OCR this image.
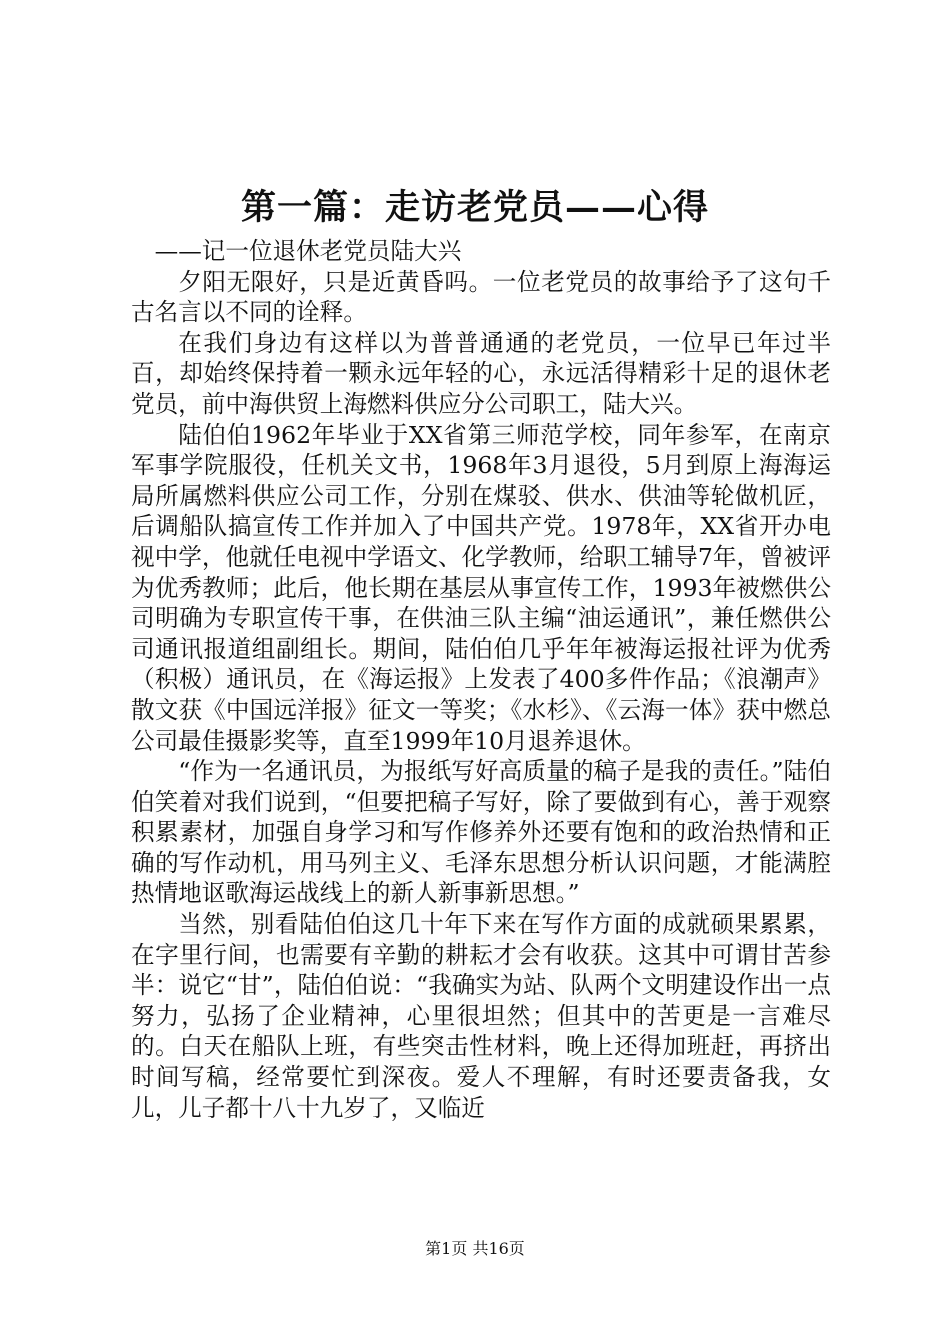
第一篇：走访老党员——心得

——记一位退休老党员陆大兴

夕阳无限好，只是近黄昏吗。一位老党员的故事给予了这句千古名言以不同的诠释。

在我们身边有这样以为普普通通的老党员，一位早已年过半百，却始终保持着一颗永远年轻的心，永远活得精彩十足的退休老党员，前中海供贸上海燃料供应分公司职工，陆大兴。

陆伯伯1962年毕业于XX省第三师范学校，同年参军，在南京军事学院服役，任机关文书，1968年3月退役，5月到原上海海运局所属燃料供应公司工作，分别在煤驳、供水、供油等轮做机匠，后调船队搞宣传工作并加入了中国共产党。1978年，XX省开办电视中学，他就任电视中学语文、化学教师，给职工辅导7年，曾被评为优秀教师；此后，他长期在基层从事宣传工作，1993年被燃供公司明确为专职宣传干事，在供油三队主编“油运通讯”，兼任燃供公司通讯报道组副组长。期间，陆伯伯几乎年年被海运报社评为优秀（积极）通讯员，在《海运报》上发表了400多件作品；《浪潮声》散文获《中国远洋报》征文一等奖；《水杉》、《云海一体》获中燃总公司最佳摄影奖等，直至1999年10月退养退休。

“作为一名通讯员，为报纸写好高质量的稿子是我的责任。”陆伯伯笑着对我们说到，“但要把稿子写好，除了要做到有心，善于观察积累素材，加强自身学习和写作修养外还要有饱和的政治热情和正确的写作动机，用马列主义、毛泽东思想分析认识问题，才能满腔热情地讴歌海运战线上的新人新事新思想。”

当然，别看陆伯伯这几十年下来在写作方面的成就硕果累累，在字里行间，也需要有辛勤的耕耘才会有收获。这其中可谓甘苦参半：说它“甘”，陆伯伯说：“我确实为站、队两个文明建设作出一点努力，弘扬了企业精神，心里很坦然；但其中的苦更是一言难尽的。白天在船队上班，有些突击性材料，晚上还得加班赶，再挤出时间写稿，经常要忙到深夜。爱人不理解，有时还要责备我，女儿，儿子都十八十九岁了，又临近

第1页 共16页
